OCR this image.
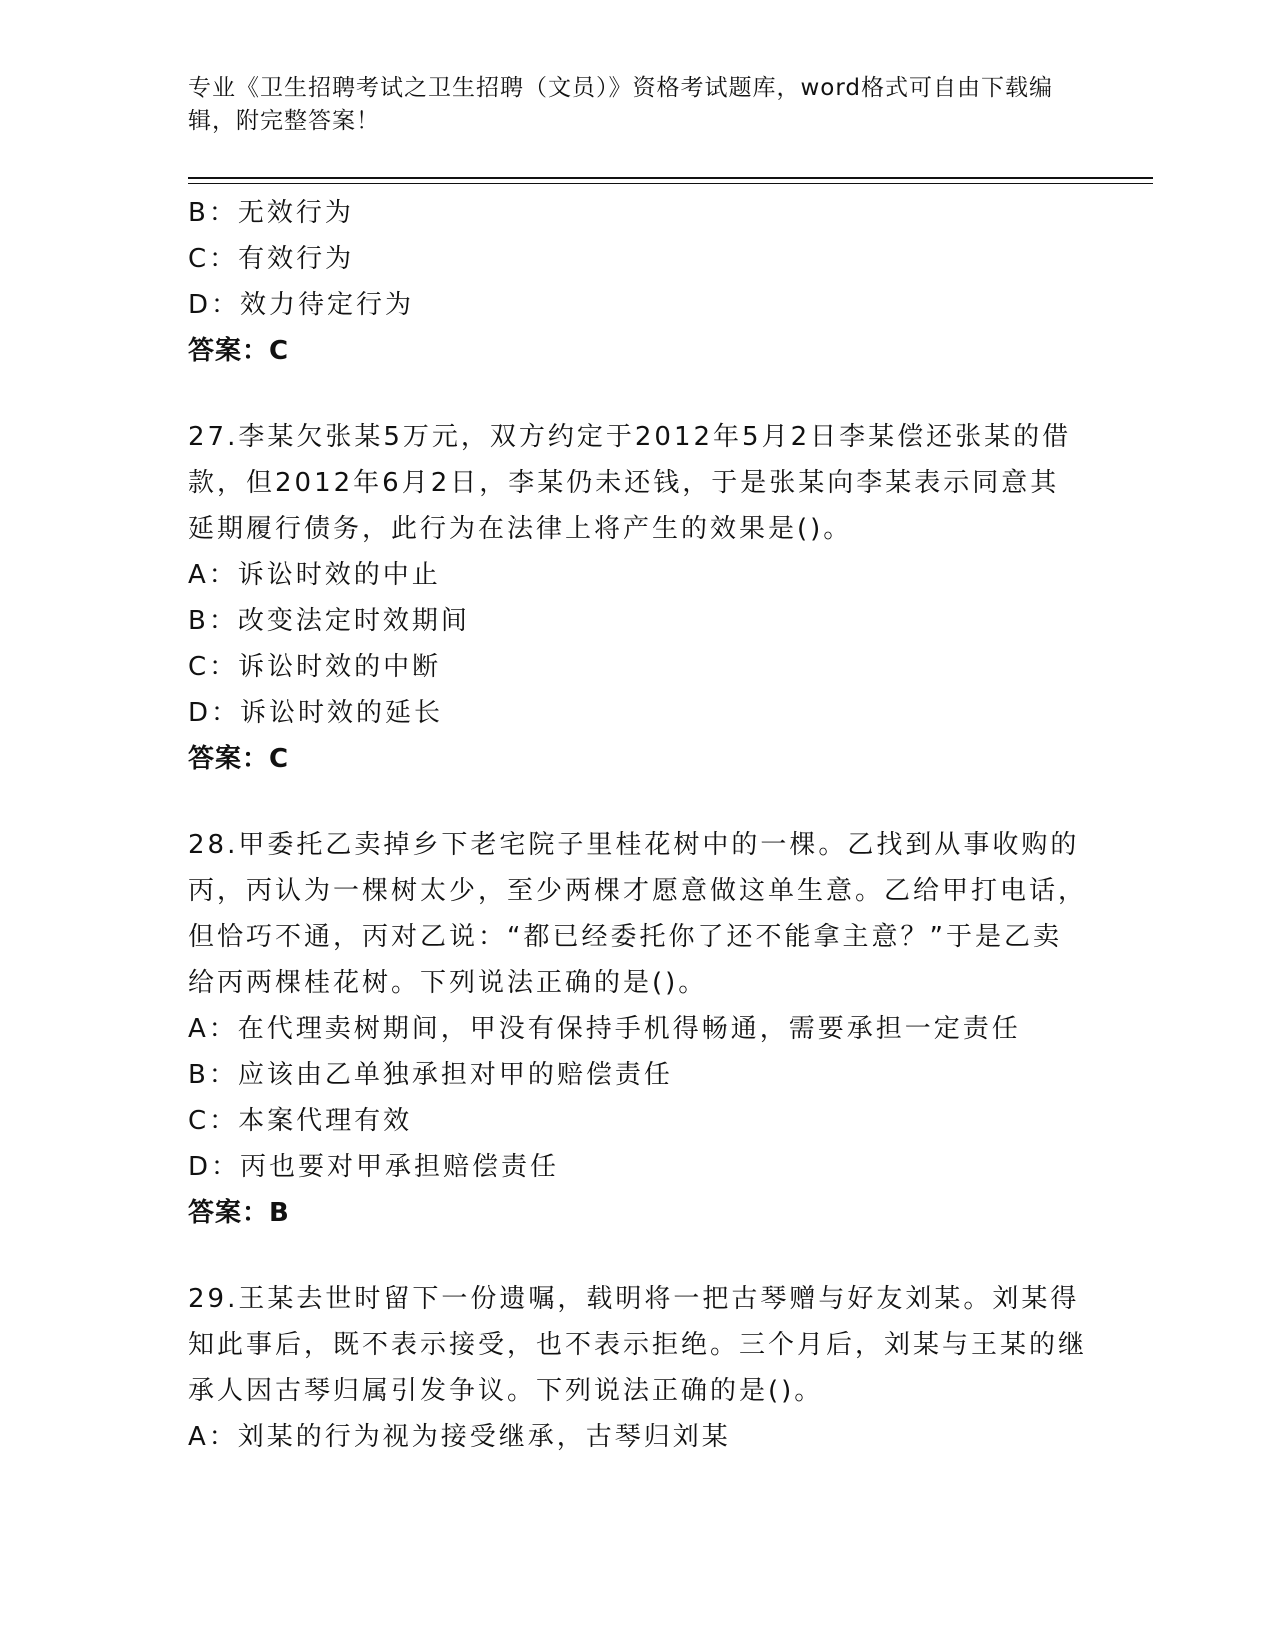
专业《卫生招聘考试之卫生招聘（文员）》资格考试题库，word格式可自由下载编辑，附完整答案！
B：无效行为
C：有效行为
D：效力待定行为
答案：C
27.李某欠张某5万元，双方约定于2012年5月2日李某偿还张某的借款，但2012年6月2日，李某仍未还钱，于是张某向李某表示同意其延期履行债务，此行为在法律上将产生的效果是()。
A：诉讼时效的中止
B：改变法定时效期间
C：诉讼时效的中断
D：诉讼时效的延长
答案：C
28.甲委托乙卖掉乡下老宅院子里桂花树中的一棵。乙找到从事收购的丙，丙认为一棵树太少，至少两棵才愿意做这单生意。乙给甲打电话，但恰巧不通，丙对乙说：“都已经委托你了还不能拿主意？”于是乙卖给丙两棵桂花树。下列说法正确的是()。
A：在代理卖树期间，甲没有保持手机得畅通，需要承担一定责任
B：应该由乙单独承担对甲的赔偿责任
C：本案代理有效
D：丙也要对甲承担赔偿责任
答案：B
29.王某去世时留下一份遗嘱，载明将一把古琴赠与好友刘某。刘某得知此事后，既不表示接受，也不表示拒绝。三个月后，刘某与王某的继承人因古琴归属引发争议。下列说法正确的是()。
A：刘某的行为视为接受继承，古琴归刘某
